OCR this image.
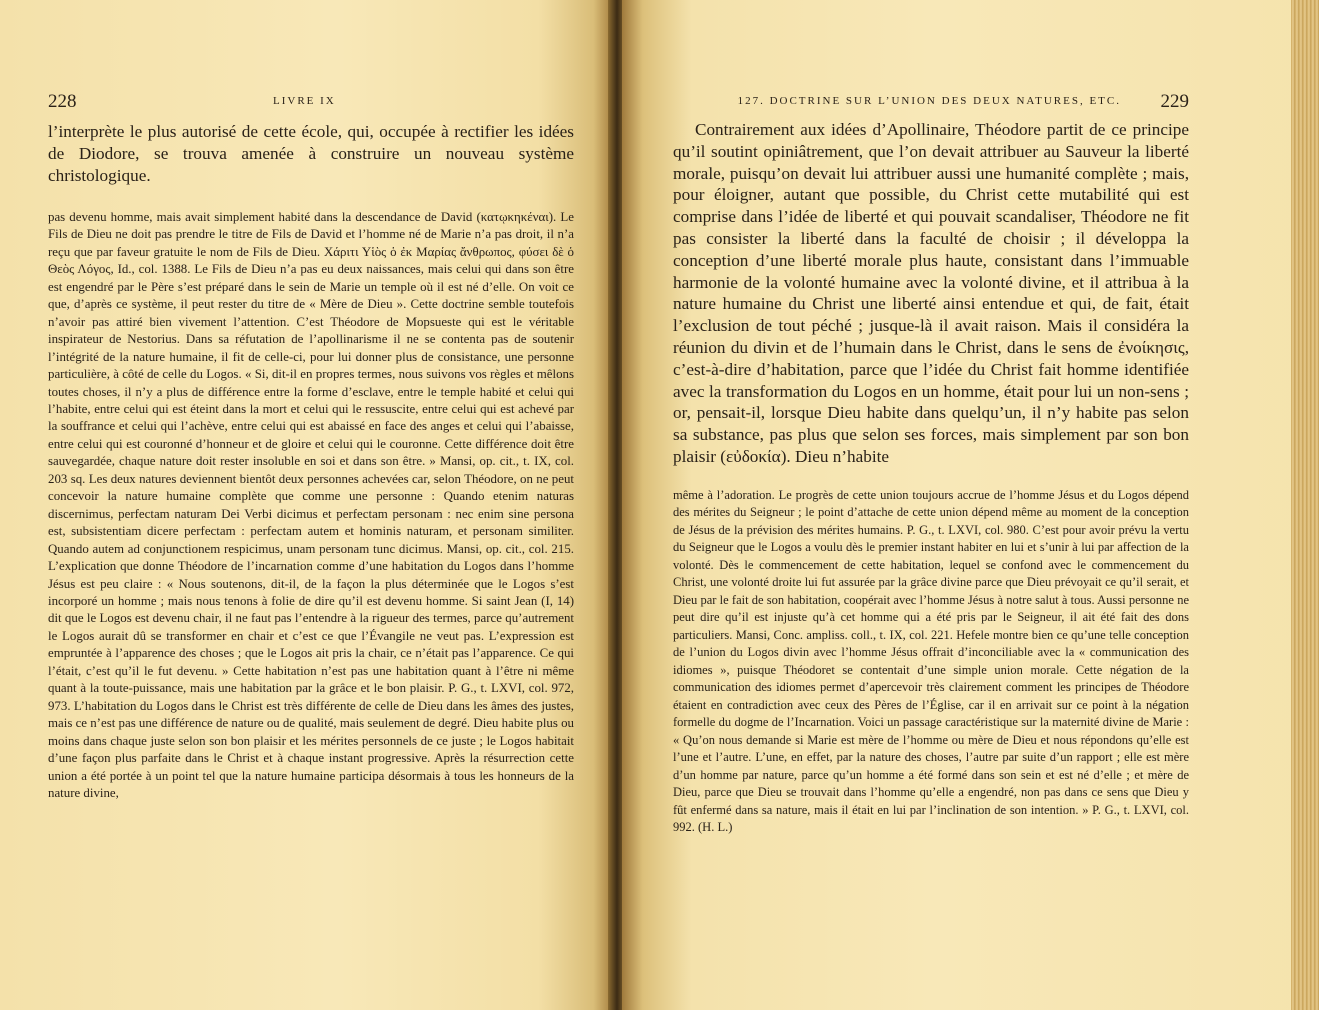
228	LIVRE IX

l’interprète le plus autorisé de cette école, qui, occupée à rectifier les idées de Diodore, se trouva amenée à construire un nouveau système christologique.

pas devenu homme, mais avait simplement habité dans la descendance de David (κατῳκηκέναι). Le Fils de Dieu ne doit pas prendre le titre de Fils de David et l’homme né de Marie n’a pas droit, il n’a reçu que par faveur gratuite le nom de Fils de Dieu. Χάριτι Υἱὸς ὁ ἐκ Μαρίας ἄνθρωπος, φύσει δὲ ὁ Θεὸς Λόγος, Id., col. 1388. Le Fils de Dieu n’a pas eu deux naissances, mais celui qui dans son être est engendré par le Père s’est préparé dans le sein de Marie un temple où il est né d’elle. On voit ce que, d’après ce système, il peut rester du titre de « Mère de Dieu ». Cette doctrine semble toutefois n’avoir pas attiré bien vivement l’attention. C’est Théodore de Mopsueste qui est le véritable inspirateur de Nestorius. Dans sa réfutation de l’apollinarisme il ne se contenta pas de soutenir l’intégrité de la nature humaine, il fit de celle-ci, pour lui donner plus de consistance, une personne particulière, à côté de celle du Logos. « Si, dit-il en propres termes, nous suivons vos règles et mêlons toutes choses, il n’y a plus de différence entre la forme d’esclave, entre le temple habité et celui qui l’habite, entre celui qui est éteint dans la mort et celui qui le ressuscite, entre celui qui est achevé par la souffrance et celui qui l’achève, entre celui qui est abaissé en face des anges et celui qui l’abaisse, entre celui qui est couronné d’honneur et de gloire et celui qui le couronne. Cette différence doit être sauvegardée, chaque nature doit rester insoluble en soi et dans son être. » Mansi, op. cit., t. IX, col. 203 sq. Les deux natures deviennent bientôt deux personnes achevées car, selon Théodore, on ne peut concevoir la nature humaine complète que comme une personne : Quando etenim naturas discernimus, perfectam naturam Dei Verbi dicimus et perfectam personam : nec enim sine persona est, subsistentiam dicere perfectam : perfectam autem et hominis naturam, et personam similiter. Quando autem ad conjunctionem respicimus, unam personam tunc dicimus. Mansi, op. cit., col. 215. L’explication que donne Théodore de l’incarnation comme d’une habitation du Logos dans l’homme Jésus est peu claire : « Nous soutenons, dit-il, de la façon la plus déterminée que le Logos s’est incorporé un homme ; mais nous tenons à folie de dire qu’il est devenu homme. Si saint Jean (I, 14) dit que le Logos est devenu chair, il ne faut pas l’entendre à la rigueur des termes, parce qu’autrement le Logos aurait dû se transformer en chair et c’est ce que l’Évangile ne veut pas. L’expression est empruntée à l’apparence des choses ; que le Logos ait pris la chair, ce n’était pas l’apparence. Ce qui l’était, c’est qu’il le fut devenu. » Cette habitation n’est pas une habitation quant à l’être ni même quant à la toute-puissance, mais une habitation par la grâce et le bon plaisir. P. G., t. LXVI, col. 972, 973. L’habitation du Logos dans le Christ est très différente de celle de Dieu dans les âmes des justes, mais ce n’est pas une différence de nature ou de qualité, mais seulement de degré. Dieu habite plus ou moins dans chaque juste selon son bon plaisir et les mérites personnels de ce juste ; le Logos habitait d’une façon plus parfaite dans le Christ et à chaque instant progressive. Après la résurrection cette union a été portée à un point tel que la nature humaine participa désormais à tous les honneurs de la nature divine,

127. DOCTRINE SUR L’UNION DES DEUX NATURES, ETC. 229

Contrairement aux idées d’Apollinaire, Théodore partit de ce principe qu’il soutint opiniâtrement, que l’on devait attribuer au Sauveur la liberté morale, puisqu’on devait lui attribuer aussi une humanité complète ; mais, pour éloigner, autant que possible, du Christ cette mutabilité qui est comprise dans l’idée de liberté et qui pouvait scandaliser, Théodore ne fit pas consister la liberté dans la faculté de choisir ; il développa la conception d’une liberté morale plus haute, consistant dans l’immuable harmonie de la volonté humaine avec la volonté divine, et il attribua à la nature humaine du Christ une liberté ainsi entendue et qui, de fait, était l’exclusion de tout péché ; jusque-là il avait raison. Mais il considéra la réunion du divin et de l’humain dans le Christ, dans le sens de ἐνοίκησις, c’est-à-dire d’habitation, parce que l’idée du Christ fait homme identifiée avec la transformation du Logos en un homme, était pour lui un non-sens ; or, pensait-il, lorsque Dieu habite dans quelqu’un, il n’y habite pas selon sa substance, pas plus que selon ses forces, mais simplement par son bon plaisir (εὐδοκία). Dieu n’habite

même à l’adoration. Le progrès de cette union toujours accrue de l’homme Jésus et du Logos dépend des mérites du Seigneur ; le point d’attache de cette union dépend même au moment de la conception de Jésus de la prévision des mérites humains. P. G., t. LXVI, col. 980. C’est pour avoir prévu la vertu du Seigneur que le Logos a voulu dès le premier instant habiter en lui et s’unir à lui par affection de la volonté. Dès le commencement de cette habitation, lequel se confond avec le commencement du Christ, une volonté droite lui fut assurée par la grâce divine parce que Dieu prévoyait ce qu’il serait, et Dieu par le fait de son habitation, coopérait avec l’homme Jésus à notre salut à tous. Aussi personne ne peut dire qu’il est injuste qu’à cet homme qui a été pris par le Seigneur, il ait été fait des dons particuliers. Mansi, Conc. ampliss. coll., t. IX, col. 221. Hefele montre bien ce qu’une telle conception de l’union du Logos divin avec l’homme Jésus offrait d’inconciliable avec la « communication des idiomes », puisque Théodoret se contentait d’une simple union morale. Cette négation de la communication des idiomes permet d’apercevoir très clairement comment les principes de Théodore étaient en contradiction avec ceux des Pères de l’Église, car il en arrivait sur ce point à la négation formelle du dogme de l’Incarnation. Voici un passage caractéristique sur la maternité divine de Marie : « Qu’on nous demande si Marie est mère de l’homme ou mère de Dieu et nous répondons qu’elle est l’une et l’autre. L’une, en effet, par la nature des choses, l’autre par suite d’un rapport ; elle est mère d’un homme par nature, parce qu’un homme a été formé dans son sein et est né d’elle ; et mère de Dieu, parce que Dieu se trouvait dans l’homme qu’elle a engendré, non pas dans ce sens que Dieu y fût enfermé dans sa nature, mais il était en lui par l’inclination de son intention. » P. G., t. LXVI, col. 992. (H. L.)
